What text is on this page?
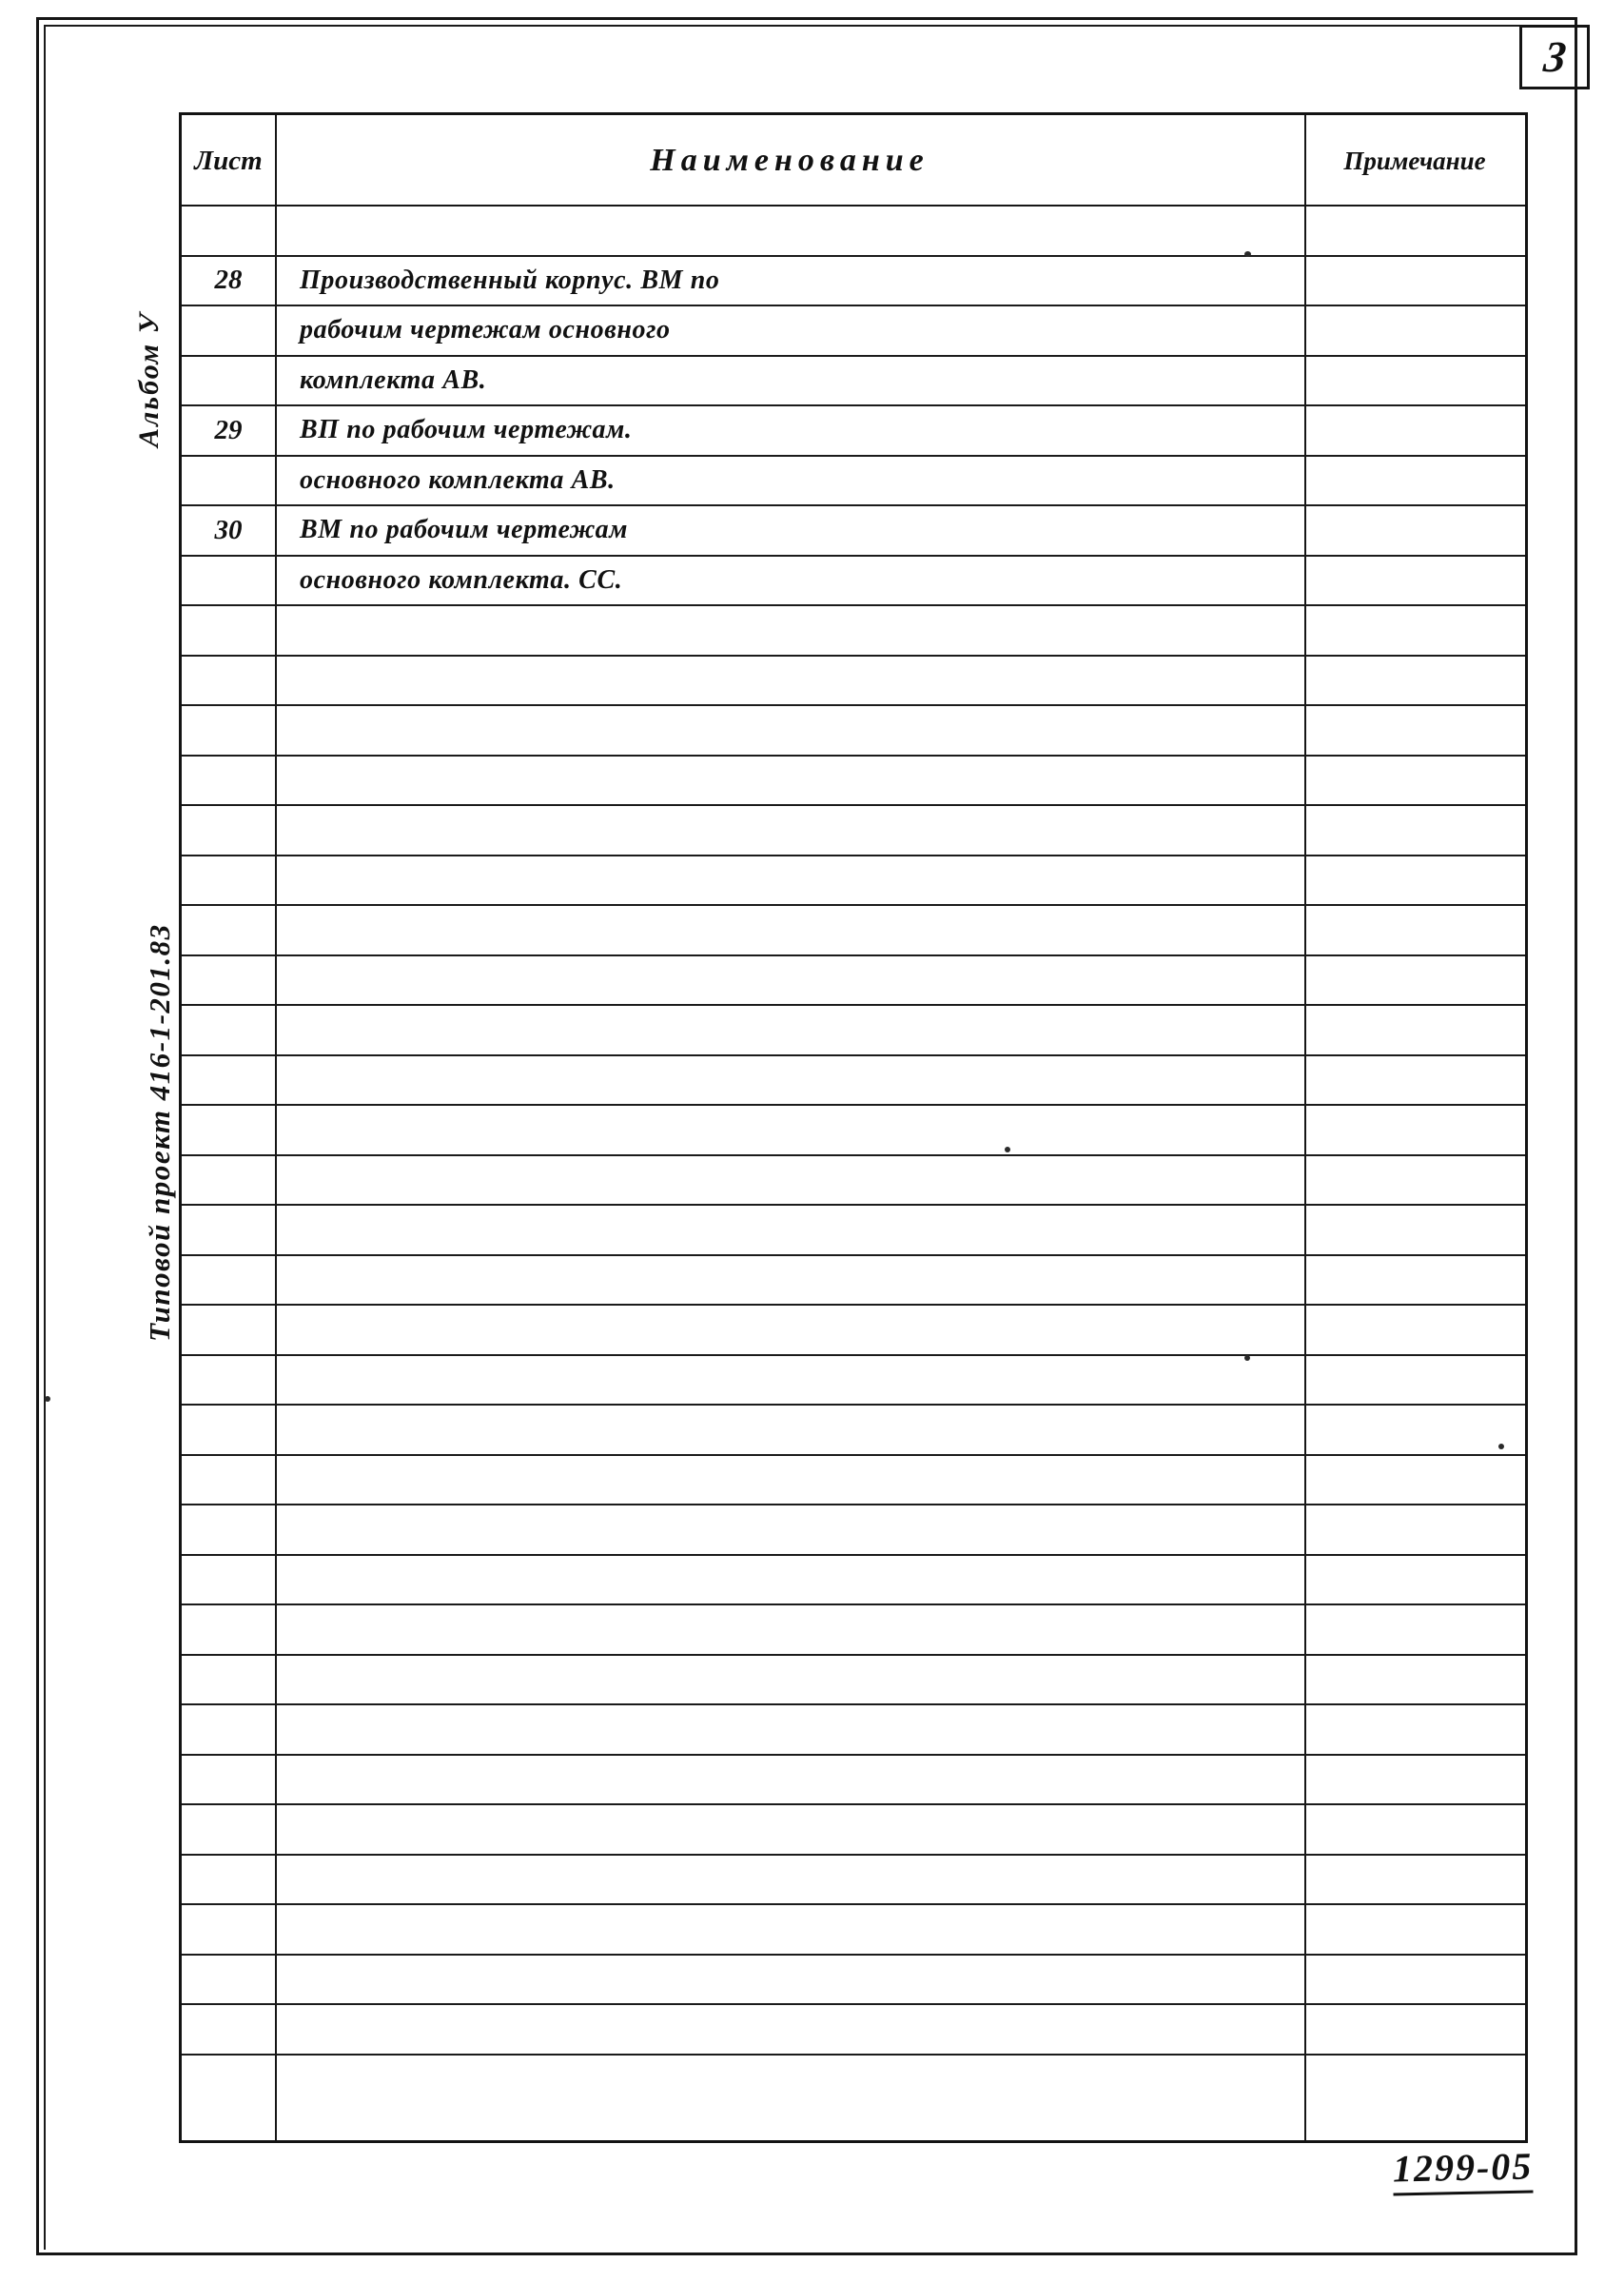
3
Альбом У
Типовой проект 416-1-201.83
Лист	Наименование	Примечание
28	Производственный корпус. ВМ по
рабочим чертежам основного
комплекта АВ.
29	ВП по рабочим чертежам.
основного комплекта АВ.
30	ВМ по рабочим чертежам
основного комплекта. СС.
1299-05
